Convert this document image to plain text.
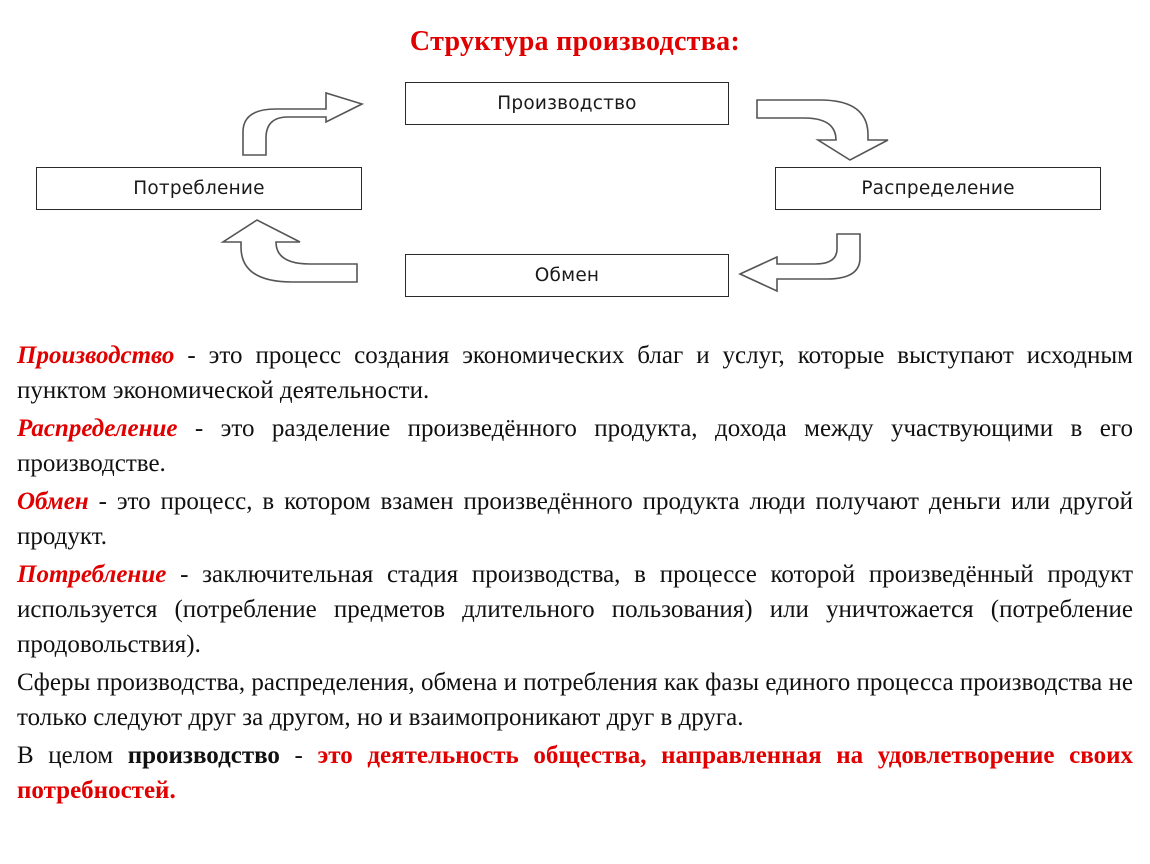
Структура производства:
Производство
Потребление	Распределение
Обмен

Производство - это процесс создания экономических благ и услуг, которые выступают исходным пунктом экономической деятельности.

Распределение - это разделение произведённого продукта, дохода между участвующими в его производстве.

Обмен - это процесс, в котором взамен произведённого продукта люди получают деньги или другой продукт.

Потребление - заключительная стадия производства, в процессе которой произведённый продукт используется (потребление предметов длительного пользования) или уничтожается (потребление продовольствия).

Сферы производства, распределения, обмена и потребления как фазы единого процесса производства не только следуют друг за другом, но и взаимопроникают друг в друга.

В целом производство - это деятельность общества, направленная на удовлетворение своих потребностей.
